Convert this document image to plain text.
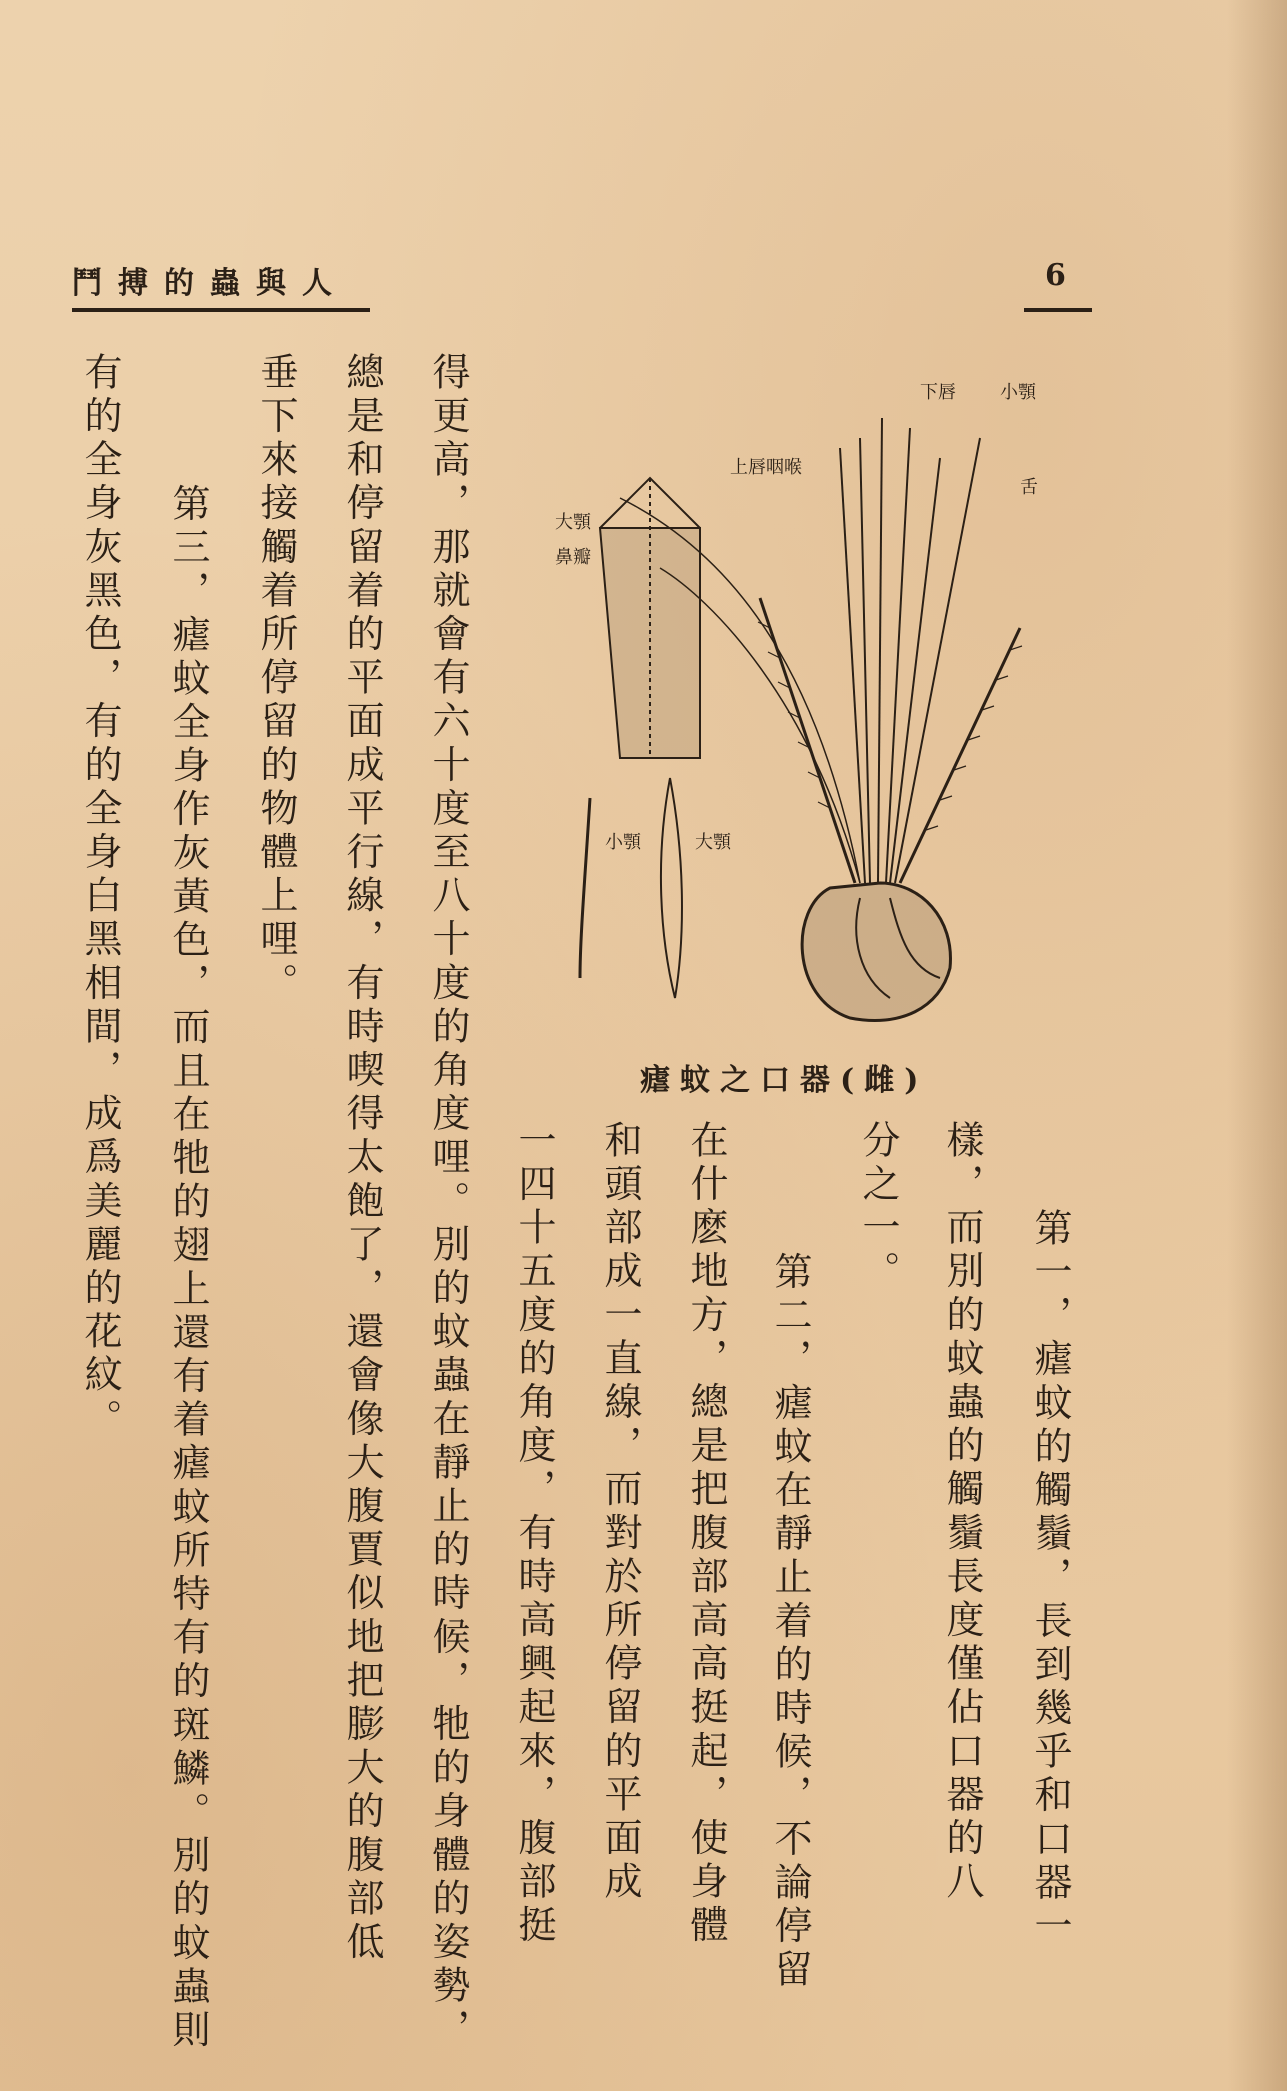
鬥搏的蟲與人	6
第一，瘧蚊的觸鬚，長到幾乎和口器一
樣，而別的蚊蟲的觸鬚長度僅佔口器的八
分之一。
　第二，瘧蚊在靜止着的時候，不論停留
在什麽地方，總是把腹部高高挺起，使身體
和頭部成一直線，而對於所停留的平面成
一四十五度的角度，有時高興起來，腹部挺
得更高，那就會有六十度至八十度的角度哩。別的蚊蟲在靜止的時候，牠的身體的姿勢，
總是和停留着的平面成平行線，有時喫得太飽了，還會像大腹賈似地把膨大的腹部低
垂下來接觸着所停留的物體上哩。
　第三，瘧蚊全身作灰黃色，而且在牠的翅上還有着瘧蚊所特有的斑鱗。別的蚊蟲則
有的全身灰黑色，有的全身白黑相間，成爲美麗的花紋。	小顎
舌
下唇
上唇咽喉
大顎
鼻瓣
小顎	大顎
瘧蚊之口器(雌)
